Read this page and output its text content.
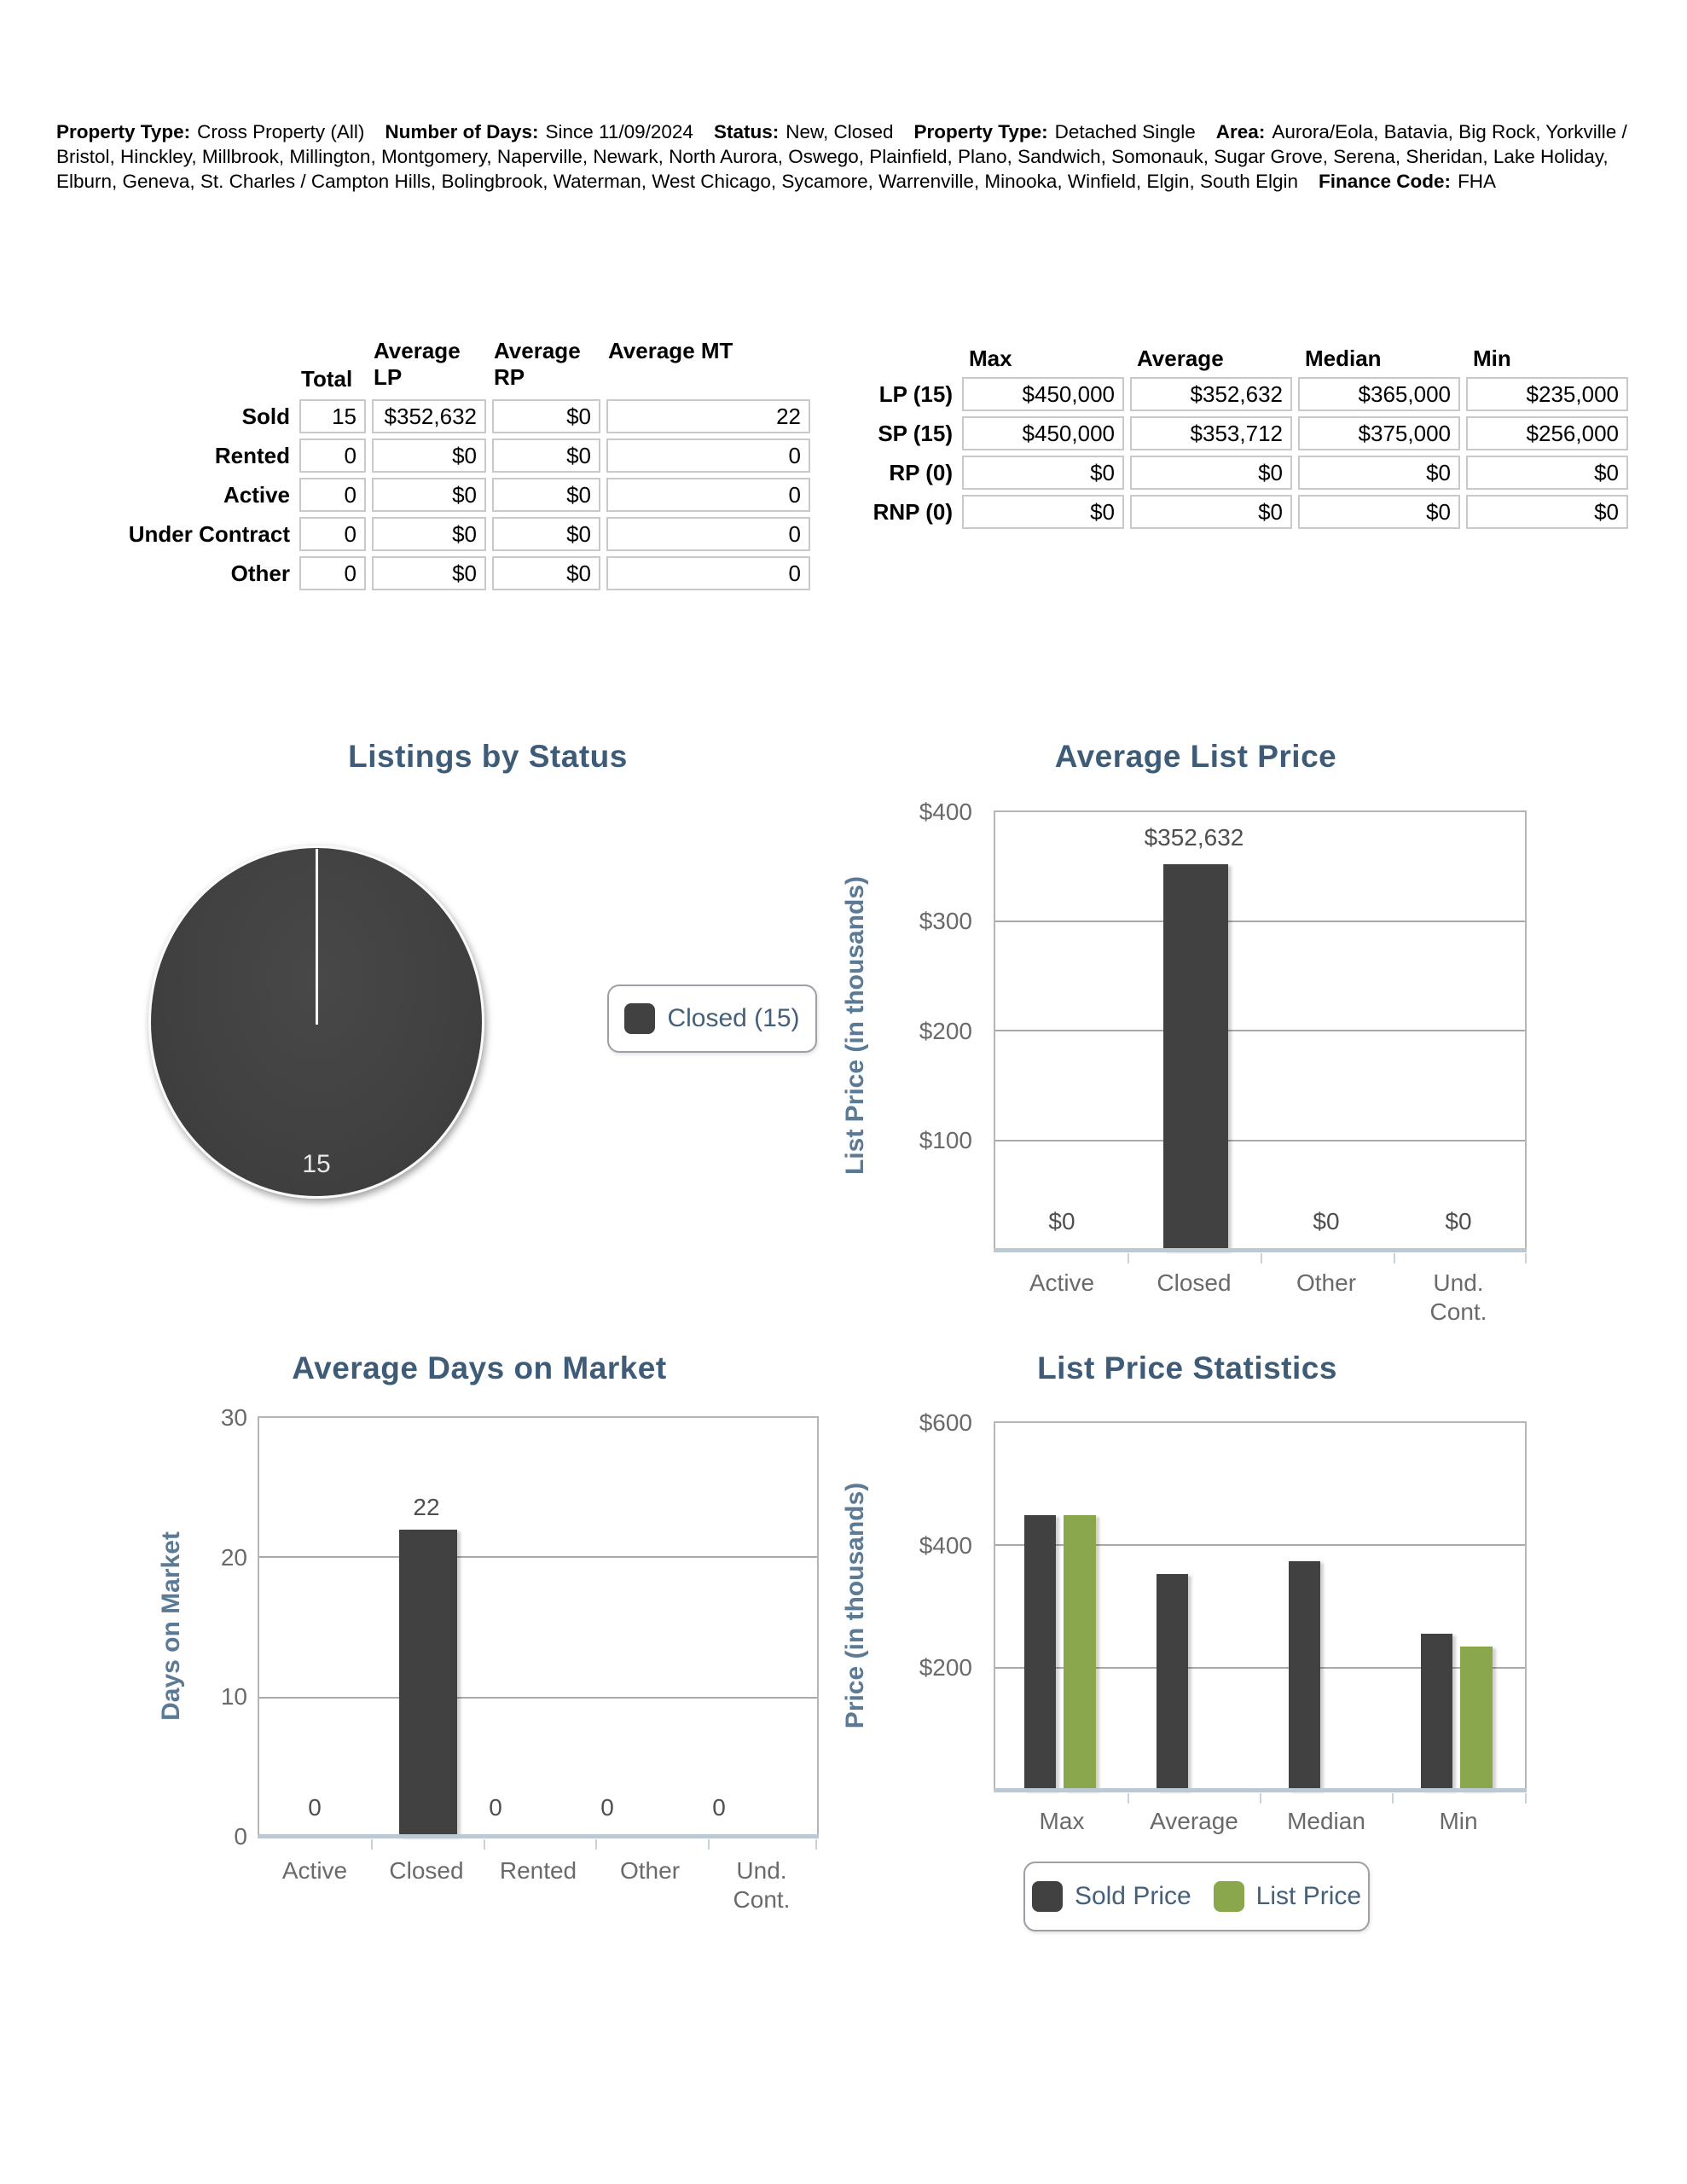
Property Type: Cross Property (All) Number of Days: Since 11/09/2024 Status: New, Closed Property Type: Detached Single Area: Aurora/Eola, Batavia, Big Rock, Yorkville / Bristol, Hinckley, Millbrook, Millington, Montgomery, Naperville, Newark, North Aurora, Oswego, Plainfield, Plano, Sandwich, Somonauk, Sugar Grove, Serena, Sheridan, Lake Holiday, Elburn, Geneva, St. Charles / Campton Hills, Bolingbrook, Waterman, West Chicago, Sycamore, Warrenville, Minooka, Winfield, Elgin, South Elgin Finance Code: FHA
	Total	Average LP	Average RP	Average MT
Sold	15	$352,632	$0	22
Rented	0	$0	$0	0
Active	0	$0	$0	0
Under Contract	0	$0	$0	0
Other	0	$0	$0	0
	Max	Average	Median	Min
LP (15)	$450,000	$352,632	$365,000	$235,000
SP (15)	$450,000	$353,712	$375,000	$256,000
RP (0)	$0	$0	$0	$0
RNP (0)	$0	$0	$0	$0
Listings by Status
15
Closed (15)
Average List Price
List Price (in thousands)
$400
$300
$200
$100
$352,632
$0	$0	$0
Active	Closed	Other	Und. Cont.
Average Days on Market
Days on Market
30
20
10
0
22
0	0	0	0
Active	Closed	Rented	Other	Und. Cont.
List Price Statistics
Price (in thousands)
$600
$400
$200
Max	Average	Median	Min
Sold Price	List Price
